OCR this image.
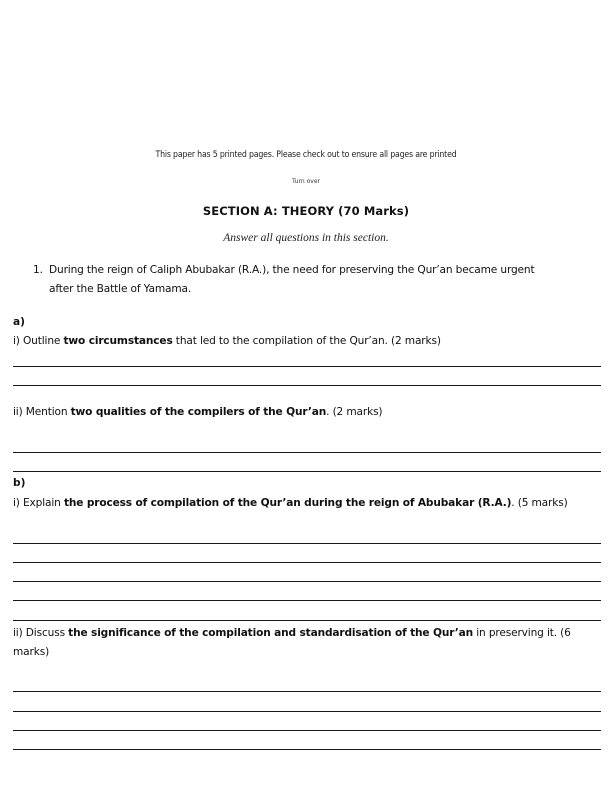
This paper has 5 printed pages. Please check out to ensure all pages are printed
Turn over
SECTION A: THEORY (70 Marks)
Answer all questions in this section.
1. During the reign of Caliph Abubakar (R.A.), the need for preserving the Qur’an became urgent
after the Battle of Yamama.
a)
i) Outline two circumstances that led to the compilation of the Qur’an. (2 marks)
ii) Mention two qualities of the compilers of the Qur’an. (2 marks)
b)
i) Explain the process of compilation of the Qur’an during the reign of Abubakar (R.A.). (5 marks)
ii) Discuss the significance of the compilation and standardisation of the Qur’an in preserving it. (6
marks)
